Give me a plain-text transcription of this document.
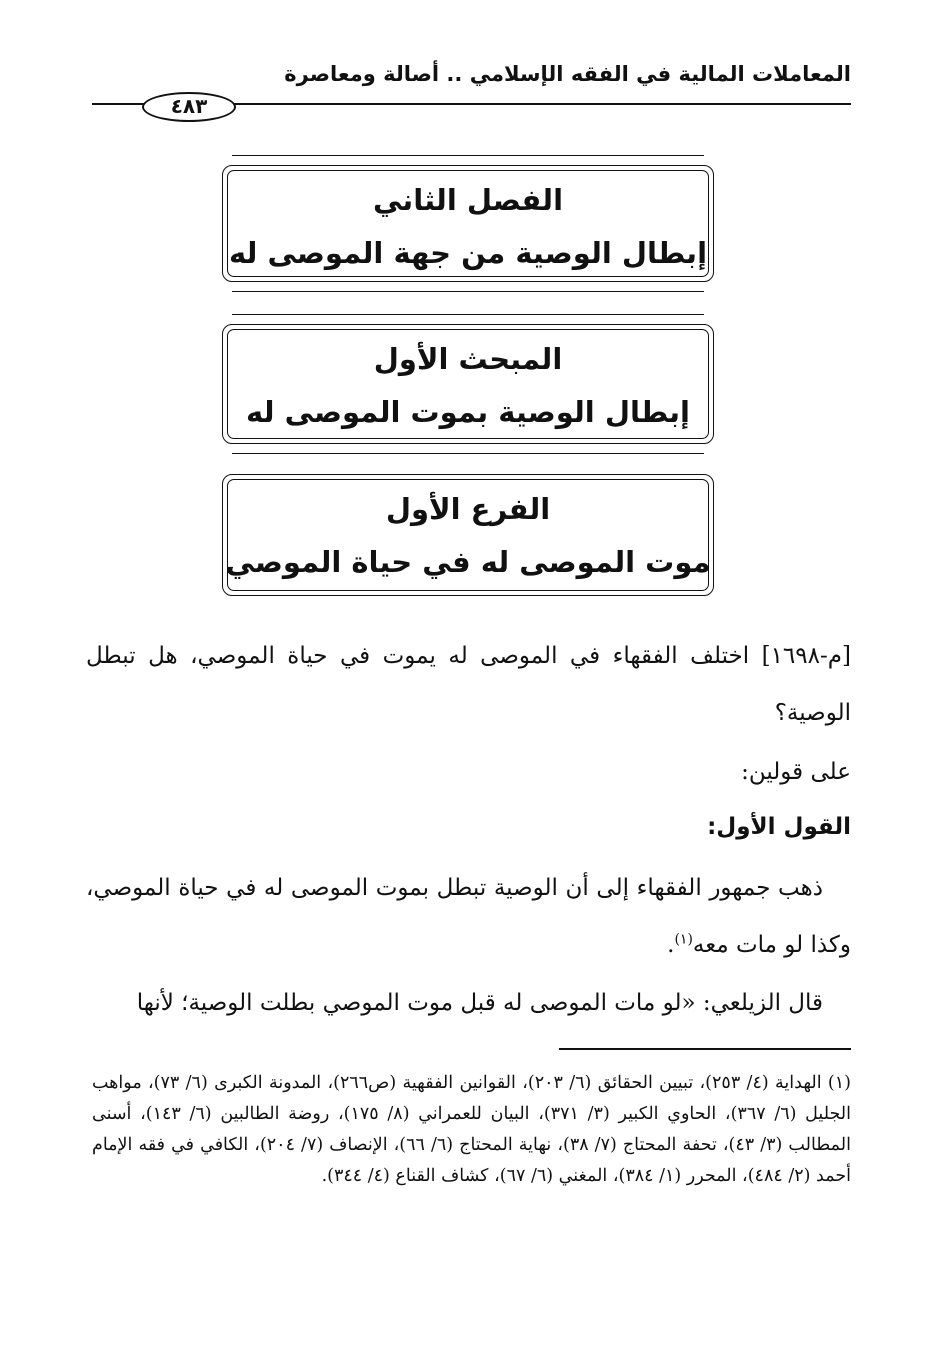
المعاملات المالية في الفقه الإسلامي .. أصالة ومعاصرة
٤٨٣
الفصل الثاني
إبطال الوصية من جهة الموصى له
المبحث الأول
إبطال الوصية بموت الموصى له
الفرع الأول
موت الموصى له في حياة الموصي
[م-١٦٩٨] اختلف الفقهاء في الموصى له يموت في حياة الموصي، هل تبطل الوصية؟
على قولين:
القول الأول:
ذهب جمهور الفقهاء إلى أن الوصية تبطل بموت الموصى له في حياة الموصي، وكذا لو مات معه$^{(١)}$.
قال الزيلعي: «لو مات الموصى له قبل موت الموصي بطلت الوصية؛ لأنها
(١) الهداية (٤/ ٢٥٣)، تبيين الحقائق (٦/ ٢٠٣)، القوانين الفقهية (ص٢٦٦)، المدونة الكبرى (٦/ ٧٣)، مواهب الجليل (٦/ ٣٦٧)، الحاوي الكبير (٣/ ٣٧١)، البيان للعمراني (٨/ ١٧٥)، روضة الطالبين (٦/ ١٤٣)، أسنى المطالب (٣/ ٤٣)، تحفة المحتاج (٧/ ٣٨)، نهاية المحتاج (٦/ ٦٦)، الإنصاف (٧/ ٢٠٤)، الكافي في فقه الإمام أحمد (٢/ ٤٨٤)، المحرر (١/ ٣٨٤)، المغني (٦/ ٦٧)، كشاف القناع (٤/ ٣٤٤).
